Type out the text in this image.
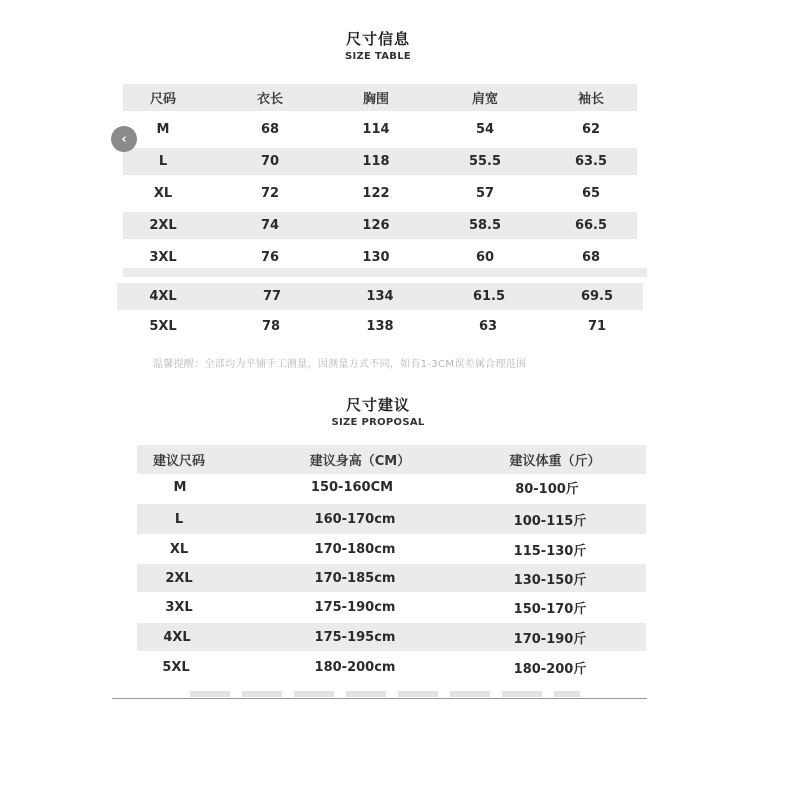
尺寸信息
SIZE TABLE
尺码	衣长	胸围	肩宽	袖长
M	68	114	54	62
L	70	118	55.5	63.5
XL	72	122	57	65
2XL	74	126	58.5	66.5
3XL	76	130	60	68
4XL	77	134	61.5	69.5
5XL	78	138	63	71
温馨提醒：全部均为平铺手工测量，因测量方式不同，如有1-3CM误差属合理范围
尺寸建议
SIZE PROPOSAL
建议尺码	建议身高（CM）	建议体重（斤）
M	150-160CM	80-100斤
L	160-170cm	100-115斤
XL	170-180cm	115-130斤
2XL	170-185cm	130-150斤
3XL	175-190cm	150-170斤
4XL	175-195cm	170-190斤
5XL	180-200cm	180-200斤
‹
